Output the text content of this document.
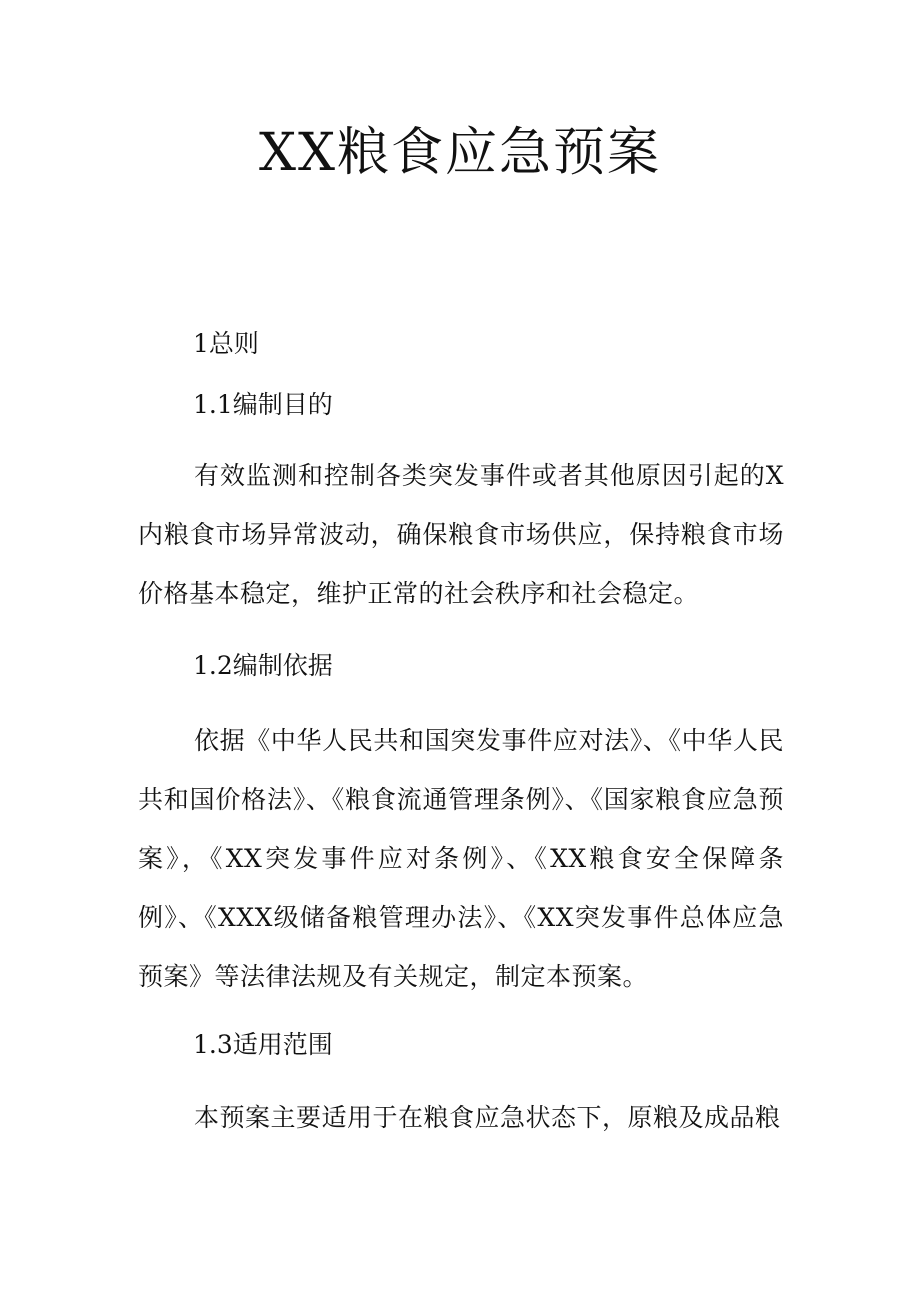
XX粮食应急预案

1总则

1.1编制目的

有效监测和控制各类突发事件或者其他原因引起的X内粮食市场异常波动，确保粮食市场供应，保持粮食市场价格基本稳定，维护正常的社会秩序和社会稳定。

1.2编制依据

依据《中华人民共和国突发事件应对法》、《中华人民共和国价格法》、《粮食流通管理条例》、《国家粮食应急预案》，《XX突发事件应对条例》、《XX粮食安全保障条例》、《XXX级储备粮管理办法》、《XX突发事件总体应急预案》等法律法规及有关规定，制定本预案。

1.3适用范围

本预案主要适用于在粮食应急状态下，原粮及成品粮
